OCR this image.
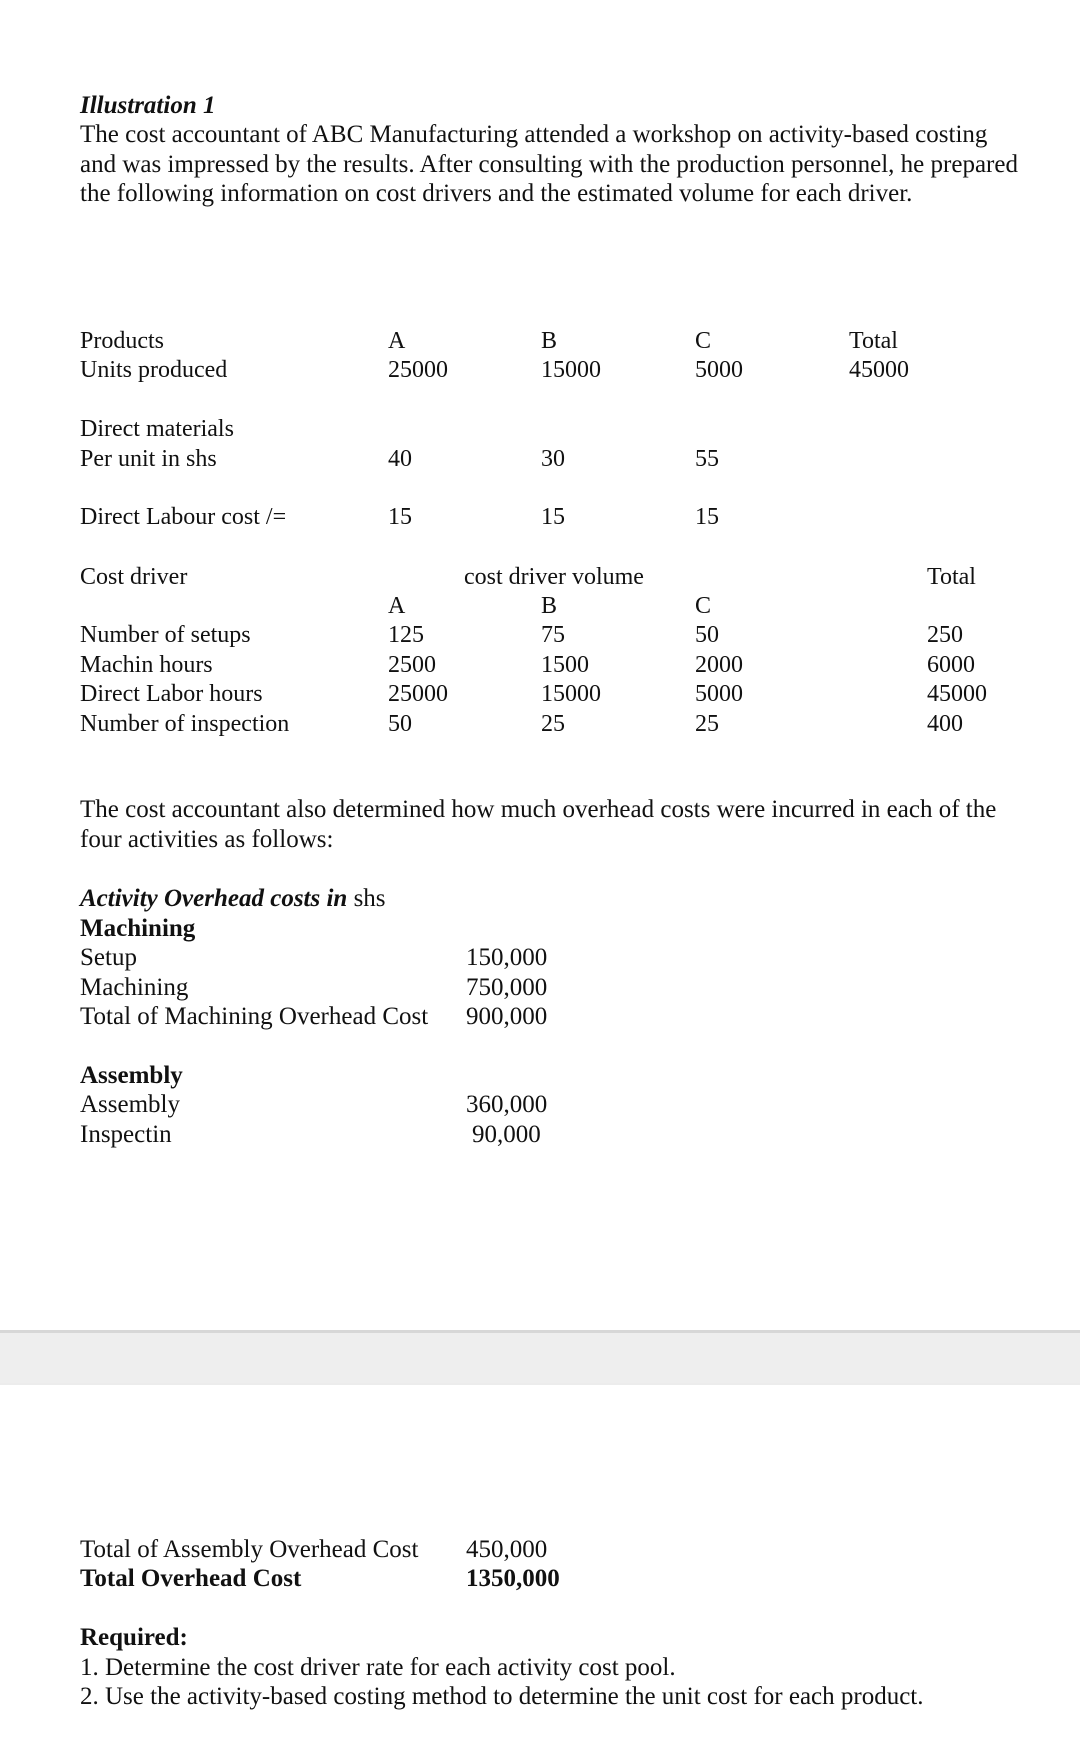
Illustration 1
The cost accountant of ABC Manufacturing attended a workshop on activity-based costing
and was impressed by the results. After consulting with the production personnel, he prepared
the following information on cost drivers and the estimated volume for each driver.
Products	A	B	C	Total
Units produced	25000	15000	5000	45000
Direct materials
Per unit in shs	40	30	55
Direct Labour cost /=	15	15	15
Cost driver	cost driver volume	Total
A	B	C
Number of setups	125	75	50	250
Machin hours	2500	1500	2000	6000
Direct Labor hours	25000	15000	5000	45000
Number of inspection	50	25	25	400
The cost accountant also determined how much overhead costs were incurred in each of the
four activities as follows:
Activity Overhead costs in shs
Machining
Setup	150,000
Machining	750,000
Total of Machining Overhead Cost 900,000
Assembly
Assembly	360,000
Inspectin	90,000
Total of Assembly Overhead Cost 450,000
Total Overhead Cost	1350,000
Required:
1. Determine the cost driver rate for each activity cost pool.
2. Use the activity-based costing method to determine the unit cost for each product.
